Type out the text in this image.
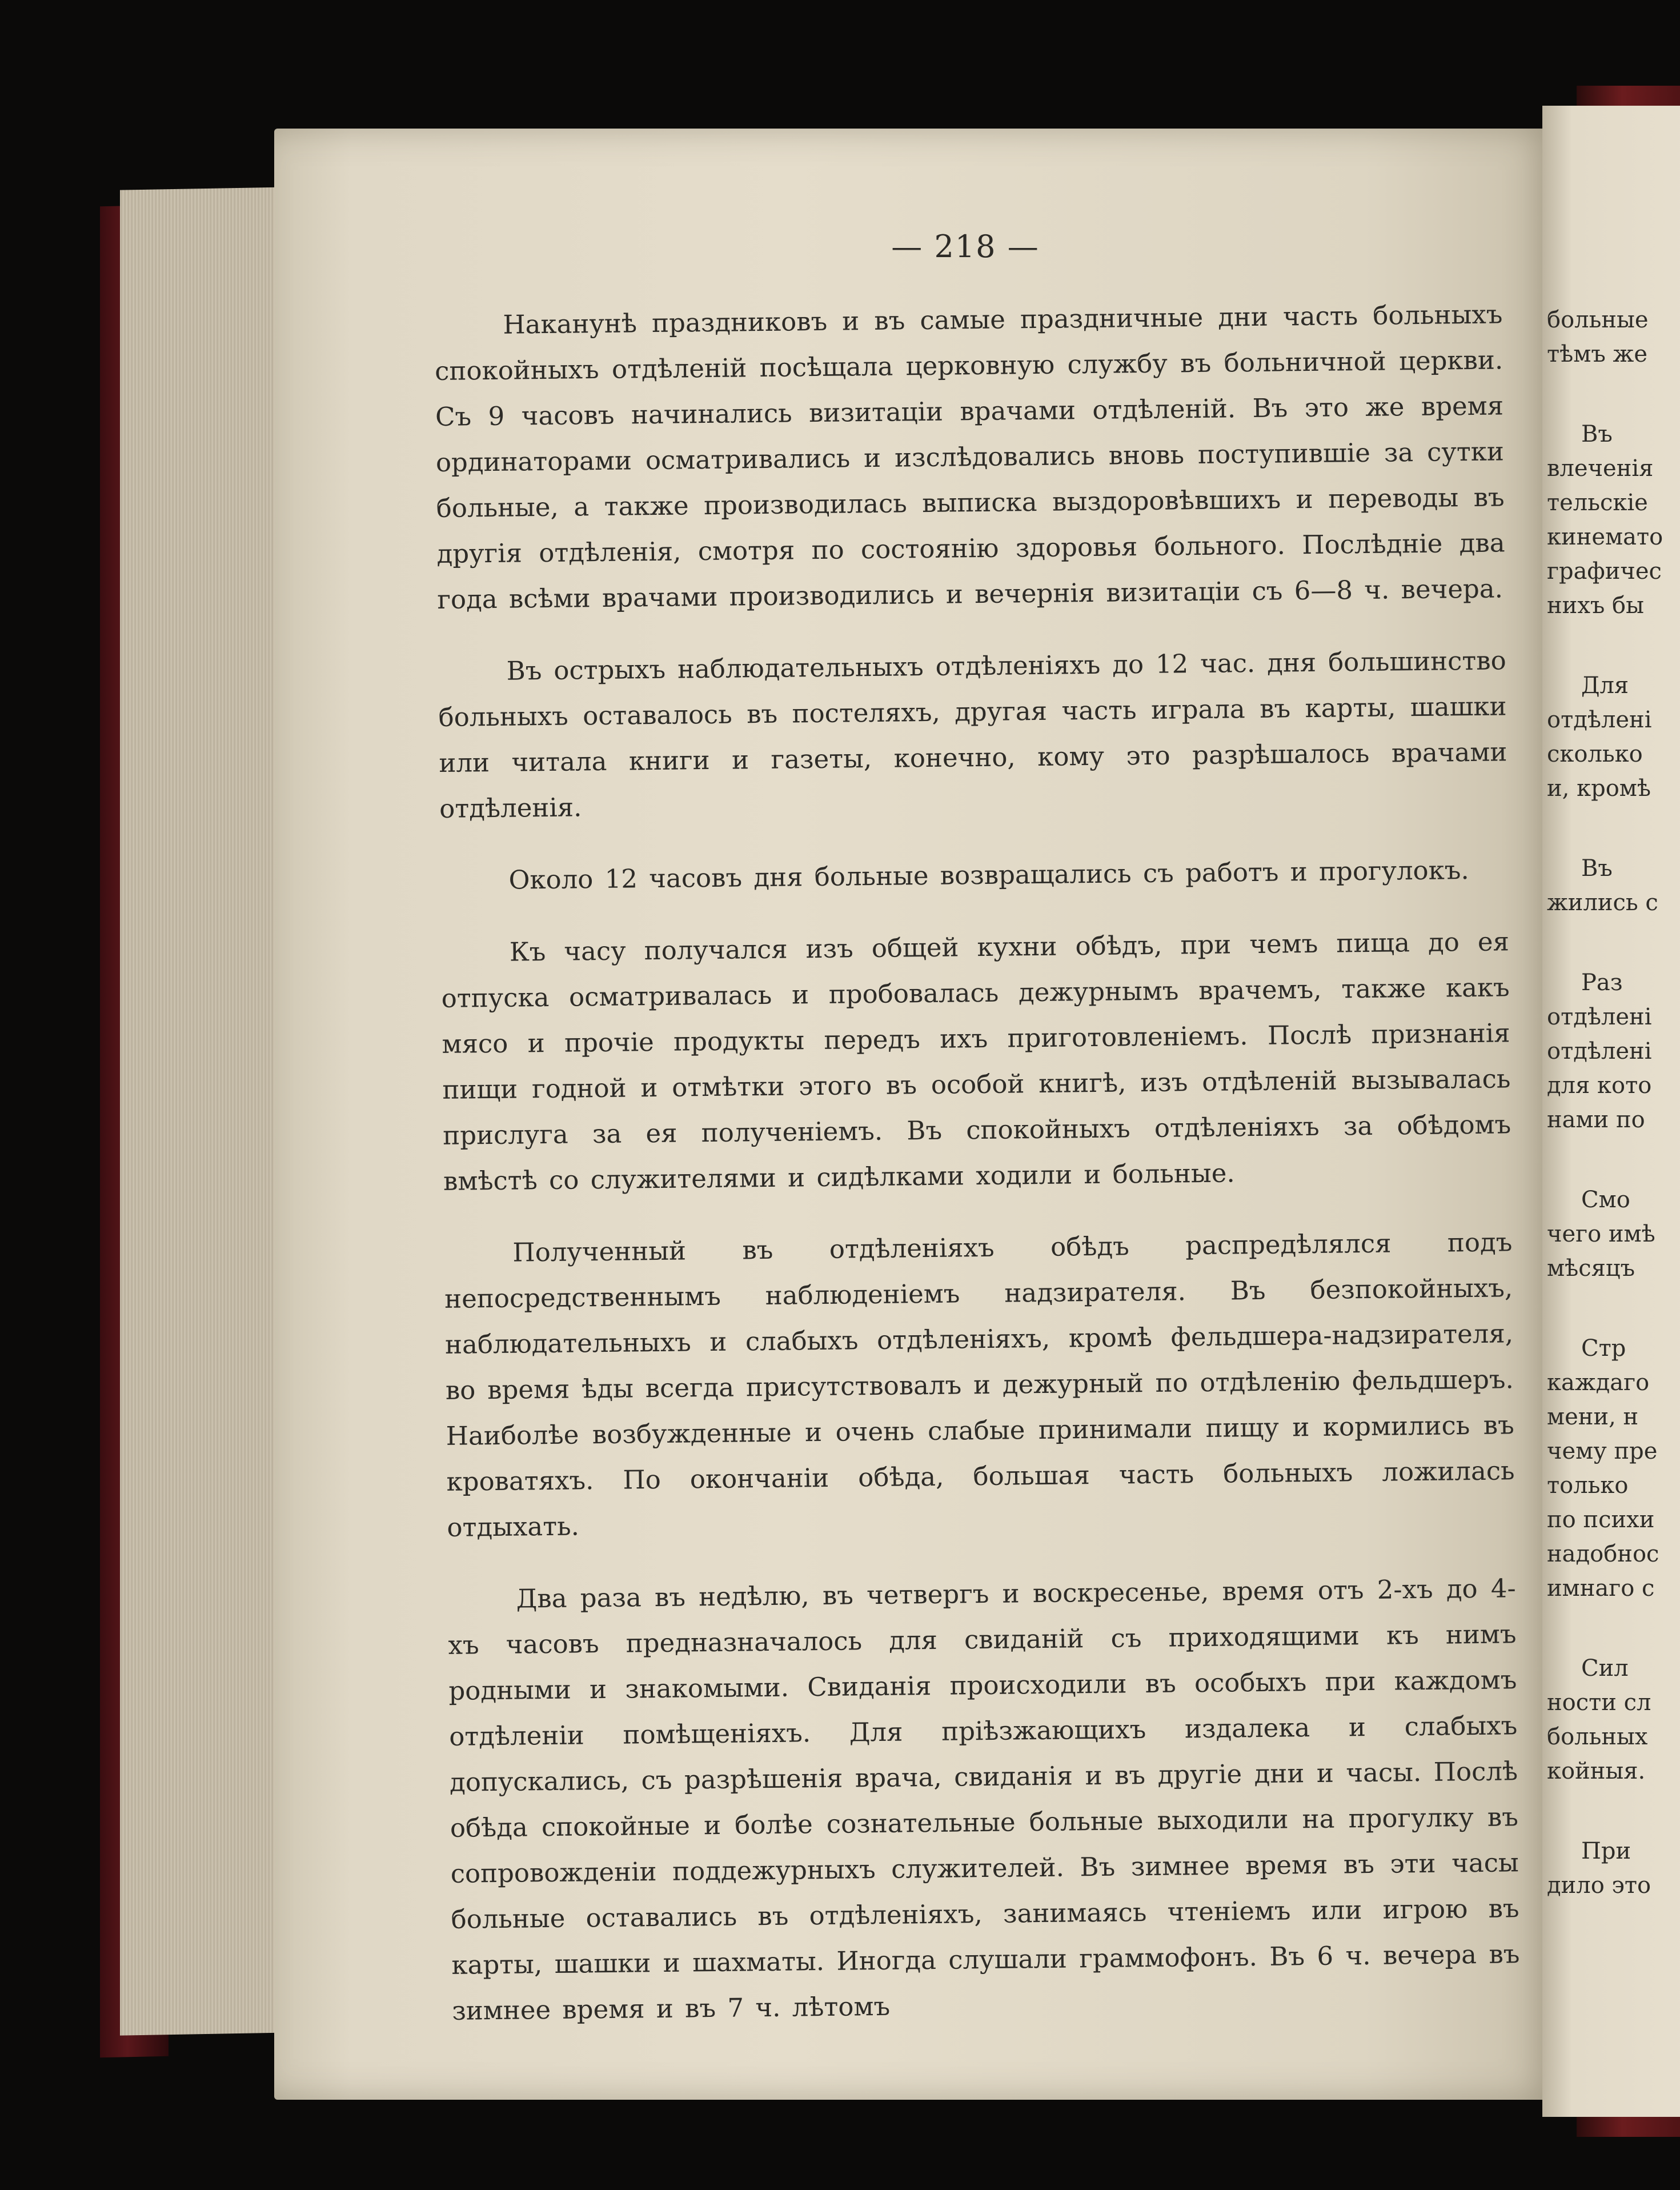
— 218 —

Наканунѣ праздниковъ и въ самые праздничные дни часть больныхъ спокойныхъ отдѣленій посѣщала церковную службу въ больничной церкви. Съ 9 часовъ начинались визитаціи врачами отдѣленій. Въ это же время ординаторами осматривались и изслѣдовались вновь поступившіе за сутки больные, а также производилась выписка выздоровѣвшихъ и переводы въ другія отдѣленія, смотря по состоянію здоровья больного. Послѣдніе два года всѣми врачами производились и вечернія визитаціи съ 6—8 ч. вечера.

Въ острыхъ наблюдательныхъ отдѣленіяхъ до 12 час. дня большинство больныхъ оставалось въ постеляхъ, другая часть играла въ карты, шашки или читала книги и газеты, конечно, кому это разрѣшалось врачами отдѣленія.

Около 12 часовъ дня больные возвращались съ работъ и прогулокъ.

Къ часу получался изъ общей кухни обѣдъ, при чемъ пища до ея отпуска осматривалась и пробовалась дежурнымъ врачемъ, также какъ мясо и прочіе продукты передъ ихъ приготовленіемъ. Послѣ признанія пищи годной и отмѣтки этого въ особой книгѣ, изъ отдѣленій вызывалась прислуга за ея полученіемъ. Въ спокойныхъ отдѣленіяхъ за обѣдомъ вмѣстѣ со служителями и сидѣлками ходили и больные.

Полученный въ отдѣленіяхъ обѣдъ распредѣлялся подъ непосредственнымъ наблюденіемъ надзирателя. Въ безпокойныхъ, наблюдательныхъ и слабыхъ отдѣленіяхъ, кромѣ фельдшера-надзирателя, во время ѣды всегда присутствовалъ и дежурный по отдѣленію фельдшеръ. Наиболѣе возбужденные и очень слабые принимали пищу и кормились въ кроватяхъ. По окончаніи обѣда, большая часть больныхъ ложилась отдыхать.

Два раза въ недѣлю, въ четвергъ и воскресенье, время отъ 2-хъ до 4-хъ часовъ предназначалось для свиданій съ приходящими къ нимъ родными и знакомыми. Свиданія происходили въ особыхъ при каждомъ отдѣленіи помѣщеніяхъ. Для пріѣзжающихъ издалека и слабыхъ допускались, съ разрѣшенія врача, свиданія и въ другіе дни и часы. Послѣ обѣда спокойные и болѣе сознательные больные выходили на прогулку въ сопровожденіи поддежурныхъ служителей. Въ зимнее время въ эти часы больные оставались въ отдѣленіяхъ, занимаясь чтеніемъ или игрою въ карты, шашки и шахматы. Иногда слушали граммофонъ. Въ 6 ч. вечера въ зимнее время и въ 7 ч. лѣтомъ

больные
тѣмъ же
Въ
влеченія
тельскіе
кинемато
графичес
нихъ бы
Для
отдѣлені
сколько
и, кромѣ
Въ
жились с
Раз
отдѣлені
отдѣлені
для кото
нами по
Смо
чего имѣ
мѣсяцъ
Стр
каждаго
мени, н
чему пре
только
по психи
надобнос
имнаго с
Сил
ности сл
больных
койныя.
При
дило это
